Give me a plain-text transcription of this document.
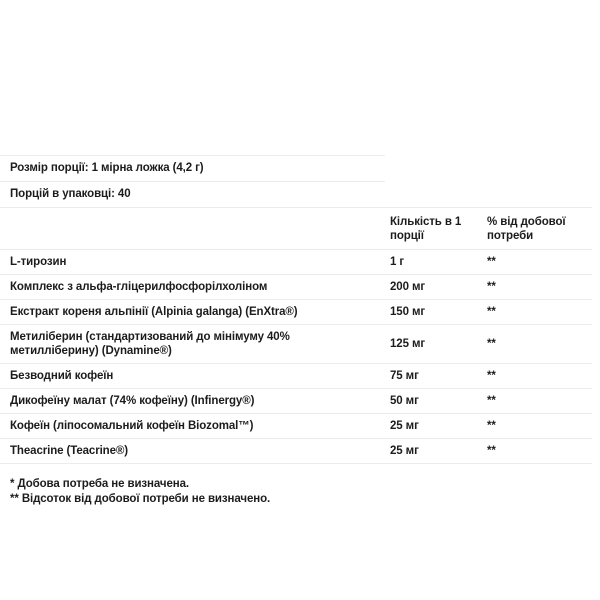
Розмір порції: 1 мірна ложка (4,2 г)
Порцій в упаковці: 40
	Кількість в 1 порції	% від добової потреби
L-тирозин	1 г	**
Комплекс з альфа-гліцерилфосфорілхоліном	200 мг	**
Екстракт кореня альпінії (Alpinia galanga) (EnXtra®)	150 мг	**
Метиліберин (стандартизований до мінімуму 40% метиллiберину) (Dynamine®)	125 мг	**
Безводний кофеїн	75 мг	**
Дикофеїну малат (74% кофеїну) (Infinergy®)	50 мг	**
Кофеїн (ліпосомальний кофеїн Biozomal™)	25 мг	**
Theacrine (Teacrine®)	25 мг	**
* Добова потреба не визначена.
** Відсоток від добової потреби не визначено.
